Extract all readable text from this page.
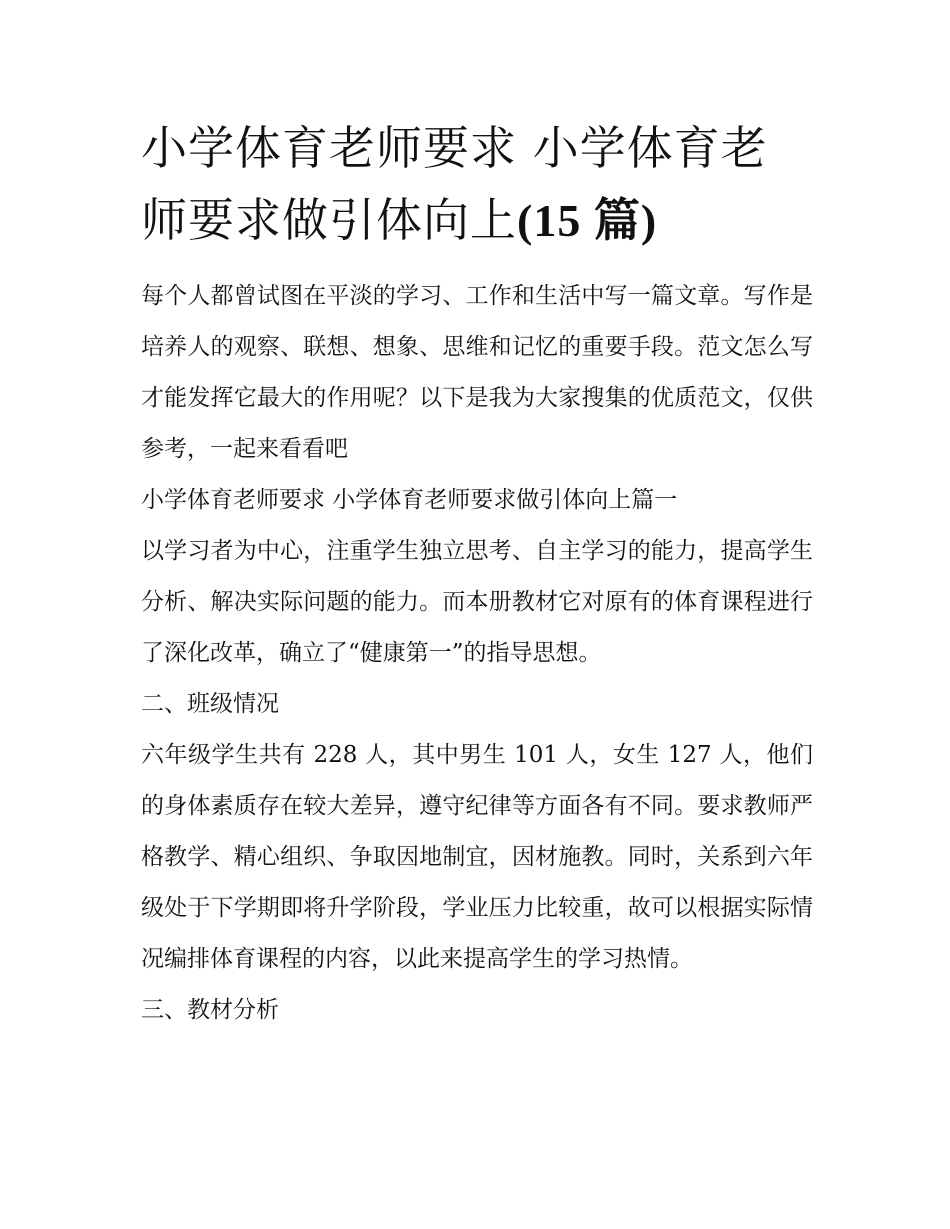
小学体育老师要求 小学体育老师要求做引体向上(15 篇)

每个人都曾试图在平淡的学习、工作和生活中写一篇文章。写作是培养人的观察、联想、想象、思维和记忆的重要手段。范文怎么写才能发挥它最大的作用呢？以下是我为大家搜集的优质范文，仅供参考，一起来看看吧

小学体育老师要求 小学体育老师要求做引体向上篇一

以学习者为中心，注重学生独立思考、自主学习的能力，提高学生分析、解决实际问题的能力。而本册教材它对原有的体育课程进行了深化改革，确立了“健康第一”的指导思想。

二、班级情况

六年级学生共有 228 人，其中男生 101 人，女生 127 人，他们的身体素质存在较大差异，遵守纪律等方面各有不同。要求教师严格教学、精心组织、争取因地制宜，因材施教。同时，关系到六年级处于下学期即将升学阶段，学业压力比较重，故可以根据实际情况编排体育课程的内容，以此来提高学生的学习热情。

三、教材分析
